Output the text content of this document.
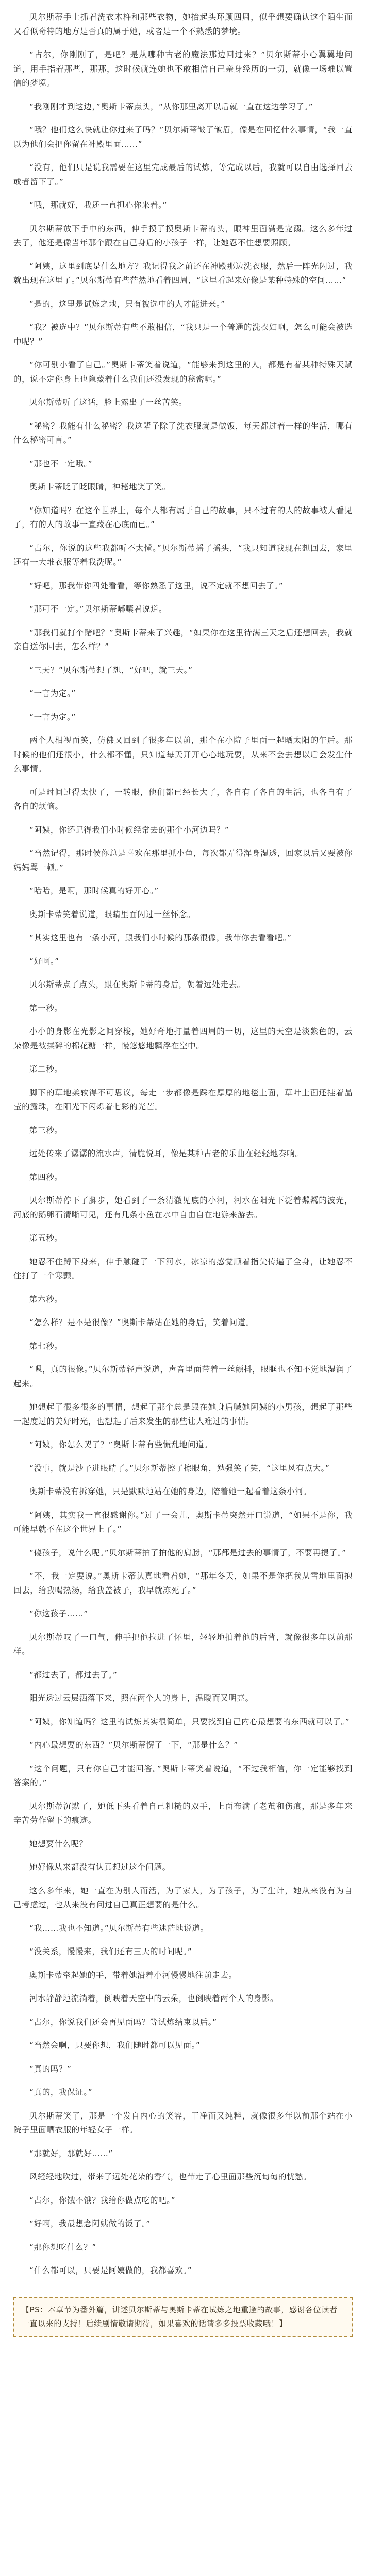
贝尔斯蒂手上抓着洗衣木杵和那些衣物，她抬起头环顾四周，似乎想要确认这个陌生而又看似奇特的地方是否真的属于她，或者是一个不熟悉的梦境。

“占尔，你刚刚了，是吧？是从哪种古老的魔法那边回过来？”贝尔斯蒂小心翼翼地问道，用手指着那些，那那，这时候就连她也不敢相信自己亲身经历的一切，就像一场难以置信的梦境。

“我刚刚才到这边，”奥斯卡蒂点头，“从你那里离开以后就一直在这边学习了。”

“哦？他们这么快就让你过来了吗？”贝尔斯蒂皱了皱眉，像是在回忆什么事情，“我一直以为他们会把你留在神殿里面……”

“没有，他们只是说我需要在这里完成最后的试炼，等完成以后，我就可以自由选择回去或者留下了。”

“哦，那就好，我还一直担心你来着。”

贝尔斯蒂放下手中的东西，伸手摸了摸奥斯卡蒂的头，眼神里面满是宠溺。这么多年过去了，他还是像当年那个跟在自己身后的小孩子一样，让她忍不住想要照顾。

“阿姨，这里到底是什么地方？我记得我之前还在神殿那边洗衣服，然后一阵光闪过，我就出现在这里了。”贝尔斯蒂有些茫然地看着四周，“这里看起来好像是某种特殊的空间……”

“是的，这里是试炼之地，只有被选中的人才能进来。”

“我？被选中？”贝尔斯蒂有些不敢相信，“我只是一个普通的洗衣妇啊，怎么可能会被选中呢？”

“你可别小看了自己。”奥斯卡蒂笑着说道，“能够来到这里的人，都是有着某种特殊天赋的，说不定你身上也隐藏着什么我们还没发现的秘密呢。”

贝尔斯蒂听了这话，脸上露出了一丝苦笑。

“秘密？我能有什么秘密？我这辈子除了洗衣服就是做饭，每天都过着一样的生活，哪有什么秘密可言。”

“那也不一定哦。”

奥斯卡蒂眨了眨眼睛，神秘地笑了笑。

“你知道吗？在这个世界上，每个人都有属于自己的故事，只不过有的人的故事被人看见了，有的人的故事一直藏在心底而已。”

“占尔，你说的这些我都听不太懂。”贝尔斯蒂摇了摇头，“我只知道我现在想回去，家里还有一大堆衣服等着我洗呢。”

“好吧，那我带你四处看看，等你熟悉了这里，说不定就不想回去了。”

“那可不一定。”贝尔斯蒂嘟囔着说道。

“那我们就打个赌吧？”奥斯卡蒂来了兴趣，“如果你在这里待满三天之后还想回去，我就亲自送你回去，怎么样？”

“三天？”贝尔斯蒂想了想，“好吧，就三天。”

“一言为定。”

“一言为定。”

两个人相视而笑，仿佛又回到了很多年以前，那个在小院子里面一起晒太阳的午后。那时候的他们还很小，什么都不懂，只知道每天开开心心地玩耍，从来不会去想以后会发生什么事情。

可是时间过得太快了，一转眼，他们都已经长大了，各自有了各自的生活，也各自有了各自的烦恼。

“阿姨，你还记得我们小时候经常去的那个小河边吗？”

“当然记得，那时候你总是喜欢在那里抓小鱼，每次都弄得浑身湿透，回家以后又要被你妈妈骂一顿。”

“哈哈，是啊，那时候真的好开心。”

奥斯卡蒂笑着说道，眼睛里面闪过一丝怀念。

“其实这里也有一条小河，跟我们小时候的那条很像，我带你去看看吧。”

“好啊。”

贝尔斯蒂点了点头，跟在奥斯卡蒂的身后，朝着远处走去。

第一秒。

小小的身影在光影之间穿梭，她好奇地打量着四周的一切，这里的天空是淡紫色的，云朵像是被揉碎的棉花糖一样，慢悠悠地飘浮在空中。

第二秒。

脚下的草地柔软得不可思议，每走一步都像是踩在厚厚的地毯上面，草叶上面还挂着晶莹的露珠，在阳光下闪烁着七彩的光芒。

第三秒。

远处传来了潺潺的流水声，清脆悦耳，像是某种古老的乐曲在轻轻地奏响。

第四秒。

贝尔斯蒂停下了脚步，她看到了一条清澈见底的小河，河水在阳光下泛着粼粼的波光，河底的鹅卵石清晰可见，还有几条小鱼在水中自由自在地游来游去。

第五秒。

她忍不住蹲下身来，伸手触碰了一下河水，冰凉的感觉顺着指尖传遍了全身，让她忍不住打了一个寒颤。

第六秒。

“怎么样？是不是很像？”奥斯卡蒂站在她的身后，笑着问道。

第七秒。

“嗯，真的很像。”贝尔斯蒂轻声说道，声音里面带着一丝颤抖，眼眶也不知不觉地湿润了起来。

她想起了很多很多的事情，想起了那个总是跟在她身后喊她阿姨的小男孩，想起了那些一起度过的美好时光，也想起了后来发生的那些让人难过的事情。

“阿姨，你怎么哭了？”奥斯卡蒂有些慌乱地问道。

“没事，就是沙子进眼睛了。”贝尔斯蒂擦了擦眼角，勉强笑了笑，“这里风有点大。”

奥斯卡蒂没有拆穿她，只是默默地站在她的身边，陪着她一起看着这条小河。

“阿姨，其实我一直很感谢你。”过了一会儿，奥斯卡蒂突然开口说道，“如果不是你，我可能早就不在这个世界上了。”

“傻孩子，说什么呢。”贝尔斯蒂拍了拍他的肩膀，“那都是过去的事情了，不要再提了。”

“不，我一定要说。”奥斯卡蒂认真地看着她，“那年冬天，如果不是你把我从雪地里面抱回去，给我喝热汤，给我盖被子，我早就冻死了。”

“你这孩子……”

贝尔斯蒂叹了一口气，伸手把他拉进了怀里，轻轻地拍着他的后背，就像很多年以前那样。

“都过去了，都过去了。”

阳光透过云层洒落下来，照在两个人的身上，温暖而又明亮。

“阿姨，你知道吗？这里的试炼其实很简单，只要找到自己内心最想要的东西就可以了。”

“内心最想要的东西？”贝尔斯蒂愣了一下，“那是什么？”

“这个问题，只有你自己才能回答。”奥斯卡蒂笑着说道，“不过我相信，你一定能够找到答案的。”

贝尔斯蒂沉默了，她低下头看着自己粗糙的双手，上面布满了老茧和伤痕，那是多年来辛苦劳作留下的痕迹。

她想要什么呢？

她好像从来都没有认真想过这个问题。

这么多年来，她一直在为别人而活，为了家人，为了孩子，为了生计，她从来没有为自己考虑过，也从来没有问过自己真正想要的是什么。

“我……我也不知道。”贝尔斯蒂有些迷茫地说道。

“没关系，慢慢来，我们还有三天的时间呢。”

奥斯卡蒂牵起她的手，带着她沿着小河慢慢地往前走去。

河水静静地流淌着，倒映着天空中的云朵，也倒映着两个人的身影。

“占尔，你说我们还会再见面吗？等试炼结束以后。”

“当然会啊，只要你想，我们随时都可以见面。”

“真的吗？”

“真的，我保证。”

贝尔斯蒂笑了，那是一个发自内心的笑容，干净而又纯粹，就像很多年以前那个站在小院子里面晒衣服的年轻女子一样。

“那就好，那就好……”

风轻轻地吹过，带来了远处花朵的香气，也带走了心里面那些沉甸甸的忧愁。

“占尔，你饿不饿？我给你做点吃的吧。”

“好啊，我最想念阿姨做的饭了。”

“那你想吃什么？”

“什么都可以，只要是阿姨做的，我都喜欢。”

【PS：本章节为番外篇，讲述贝尔斯蒂与奥斯卡蒂在试炼之地重逢的故事，感谢各位读者一直以来的支持！后续剧情敬请期待，如果喜欢的话请多多投票收藏哦！】
